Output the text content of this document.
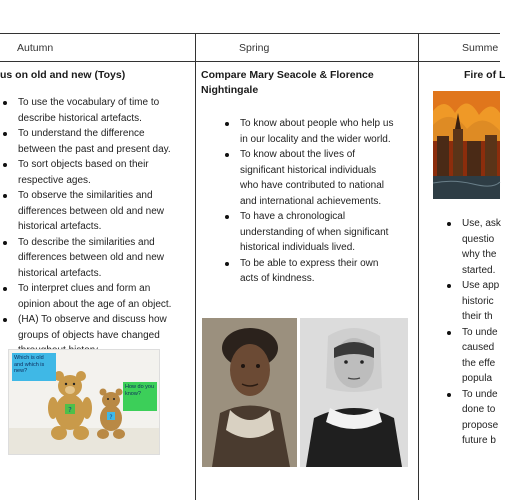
Autumn	Spring	Summe
us on old and new (Toys)
To use the vocabulary of time to
describe historical artefacts.
To understand the difference
between the past and present day.
To sort objects based on their
respective ages.
To observe the similarities and
differences between old and new
historical artefacts.
To describe the similarities and
differences between old and new
historical artefacts.
To interpret clues and form an
opinion about the age of an object.
(HA) To observe and discuss how
groups of objects have changed
?
?
Which is old and which is new?
How do you know?
Compare Mary Seacole & Florence
Nightingale
To know about people who help us
in our locality and the wider world.
To know about the lives of
significant historical individuals
who have contributed to national
and international achievements.
To have a chronological
understanding of when significant
historical individuals lived.
To be able to express their own
acts of kindness.
Fire of L
Use, ask
questio
why the
started.
Use app
historic
their th
To unde
caused
the effe
popula
To unde
done to
propose
future b
